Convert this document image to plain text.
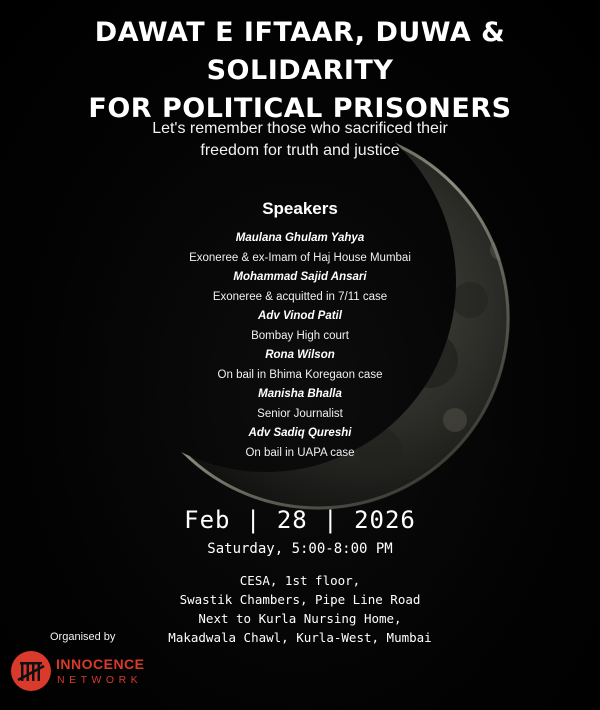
DAWAT E IFTAAR, DUWA & SOLIDARITY
FOR POLITICAL PRISONERS
Let's remember those who sacrificed their
freedom for truth and justice
Speakers
Maulana Ghulam Yahya
Exoneree & ex-Imam of Haj House Mumbai
Mohammad Sajid Ansari
Exoneree & acquitted in 7/11 case
Adv Vinod Patil
Bombay High court
Rona Wilson
On bail in Bhima Koregaon case
Manisha Bhalla
Senior Journalist
Adv Sadiq Qureshi
On bail in UAPA case
Feb | 28 | 2026
Saturday, 5:00-8:00 PM
CESA, 1st floor,
Swastik Chambers, Pipe Line Road
Next to Kurla Nursing Home,
Makadwala Chawl, Kurla-West, Mumbai
Organised by
INNOCENCE
NETWORK
